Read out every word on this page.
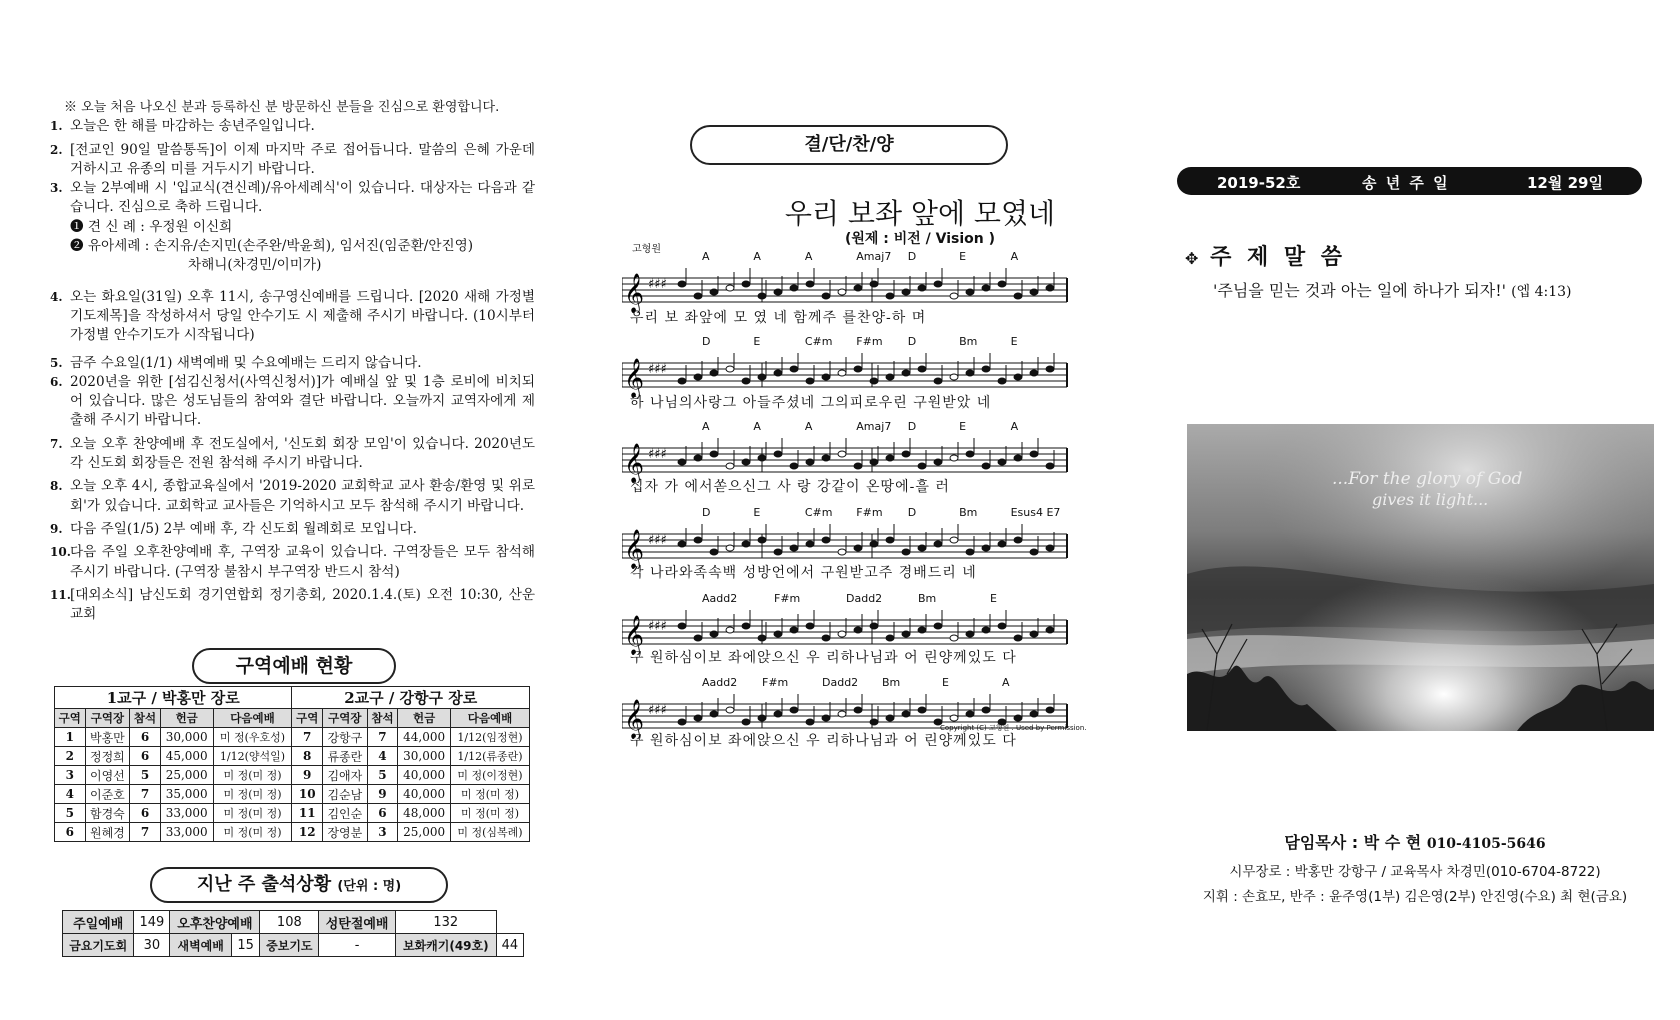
※ 오늘 처음 나오신 분과 등록하신 분 방문하신 분들을 진심으로 환영합니다.
1. 오늘은 한 해를 마감하는 송년주일입니다.
2. [전교인 90일 말씀통독]이 이제 마지막 주로 접어듭니다. 말씀의 은혜 가운데 거하시고 유종의 미를 거두시기 바랍니다.
3. 오늘 2부예배 시 '입교식(견신례)/유아세례식'이 있습니다. 대상자는 다음과 같습니다. 진심으로 축하 드립니다.
❶ 견 신 례 :
우정원 이신희
❷ 유아세례 :
손지유/손지민(손주완/박윤희), 임서진(임준환/안진영)
차해니(차경민/이미가)
4. 오는 화요일(31일) 오후 11시, 송구영신예배를 드립니다. [2020 새해 가정별 기도제목]을 작성하셔서 당일 안수기도 시 제출해 주시기 바랍니다. (10시부터 가정별 안수기도가 시작됩니다)
5. 금주 수요일(1/1) 새벽예배 및 수요예배는 드리지 않습니다.
6. 2020년을 위한 [섬김신청서(사역신청서)]가 예배실 앞 및 1층 로비에 비치되어 있습니다. 많은 성도님들의 참여와 결단 바랍니다. 오늘까지 교역자에게 제출해 주시기 바랍니다.
7. 오늘 오후 찬양예배 후 전도실에서, '신도회 회장 모임'이 있습니다. 2020년도 각 신도회 회장들은 전원 참석해 주시기 바랍니다.
8. 오늘 오후 4시, 종합교육실에서 '2019-2020 교회학교 교사 환송/환영 및 위로회'가 있습니다. 교회학교 교사들은 기억하시고 모두 참석해 주시기 바랍니다.
9. 다음 주일(1/5) 2부 예배 후, 각 신도회 월례회로 모입니다.
10. 다음 주일 오후찬양예배 후, 구역장 교육이 있습니다. 구역장들은 모두 참석해 주시기 바랍니다. (구역장 불참시 부구역장 반드시 참석)
11. [대외소식] 남신도회 경기연합회 정기총회, 2020.1.4.(토) 오전 10:30, 산운교회
구역예배 현황
1교구 / 박홍만 장로					2교구 / 강항구 장로				
구역	구역장	참석	헌금	다음예배	구역	구역장	참석	헌금	다음예배
1	박홍만	6	30,000	미 정(우호성)	7	강항구	7	44,000	1/12(임정현)
2	정정희	6	45,000	1/12(양석일)	8	류종란	4	30,000	1/12(류종란)
3	이영선	5	25,000	미 정(미 정)	9	김애자	5	40,000	미 정(이정현)
4	이준호	7	35,000	미 정(미 정)	10	김순남	9	40,000	미 정(미 정)
5	함경숙	6	33,000	미 정(미 정)	11	김인순	6	48,000	미 정(미 정)
6	원혜경	7	33,000	미 정(미 정)	12	장영분	3	25,000	미 정(심복례)
지난 주 출석상황 (단위 : 명)
주일예배	149	오후찬양예배		108	성탄절예배	132	
금요기도회	30	새벽예배	15	중보기도	-	보화캐기(49호)	44
결/단/찬/양
우리 보좌 앞에 모였네
(원제 : 비전 / Vision )
고형원
𝄞 ♯♯♯
A	A	A	Amaj7 D	E	A
우리 보 좌앞에 모 였 네 함께주 를찬양-하 며
𝄞 ♯♯♯
D	E	C#m F#m D	Bm	E
하 나님의사랑그 아들주셨네 그의피로우린 구원받았 네
𝄞 ♯♯♯
A	A	A	Amaj7 D	E	A
십자 가 에서쏟으신그 사 랑 강같이 온땅에-흘 러
𝄞 ♯♯♯
D	E	C#m F#m D	Bm	Esus4 E7
각 나라와족속백 성방언에서 구원받고주 경배드리 네
𝄞 ♯♯♯
Aadd2	F#m	Dadd2	Bm	E
구 원하심이보 좌에앉으신 우 리하나님과 어 린양께있도 다
𝄞 ♯♯♯
Aadd2 F#m	Dadd2 Bm	E	A
구 원하심이보 좌에앉으신 우 리하나님과 어 린양께있도 다
Copyright (C) 고형원 . Used by Permission.
2019-52호	송 년 주 일	12월 29일
✥ 주 제 말 씀
'주님을 믿는 것과 아는 일에 하나가 되자!' (엡 4:13)
...For the glory of God
gives it light...
담임목사 : 박 수 현 010-4105-5646
시무장로 : 박홍만 강항구 / 교육목사 차경민(010-6704-8722)
지휘 : 손효모, 반주 : 윤주영(1부) 김은영(2부) 안진영(수요) 최 현(금요)
